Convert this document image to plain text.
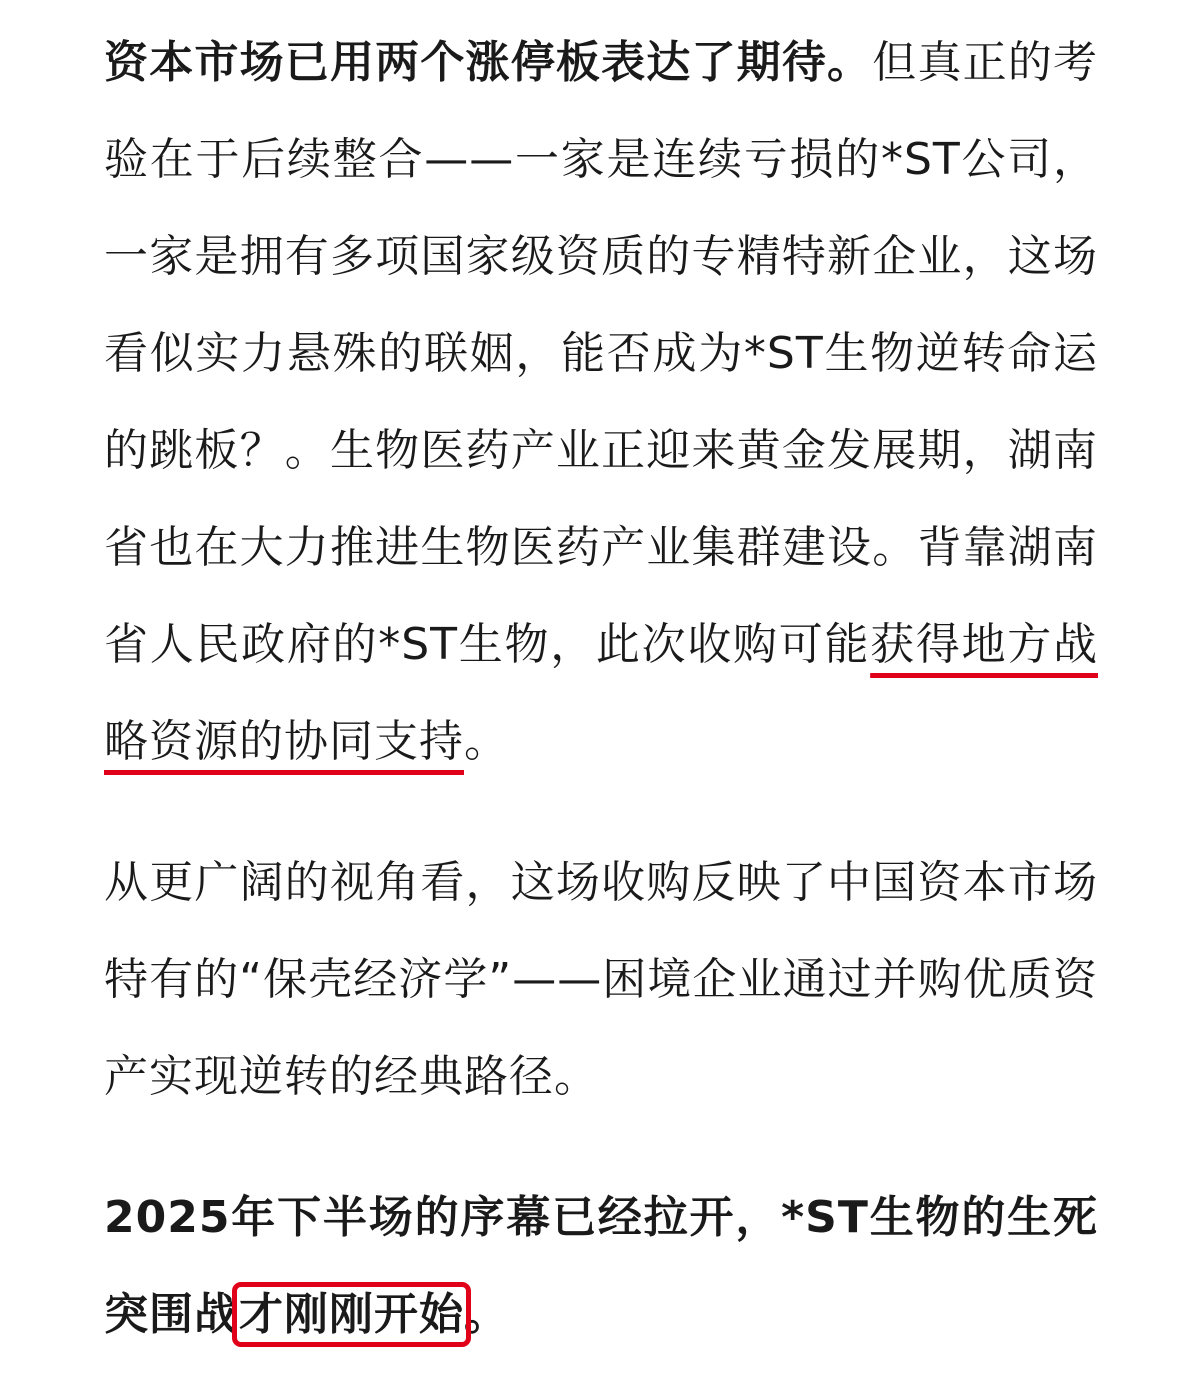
资本市场已用两个涨停板表达了期待。但真正的考验在于后续整合——一家是连续亏损的*ST公司，一家是拥有多项国家级资质的专精特新企业，这场看似实力悬殊的联姻，能否成为*ST生物逆转命运的跳板？。生物医药产业正迎来黄金发展期，湖南省也在大力推进生物医药产业集群建设。背靠湖南省人民政府的*ST生物，此次收购可能获得地方战略资源的协同支持。

从更广阔的视角看，这场收购反映了中国资本市场特有的“保壳经济学”——困境企业通过并购优质资产实现逆转的经典路径。

2025年下半场的序幕已经拉开，*ST生物的生死突围战才刚刚开始。
